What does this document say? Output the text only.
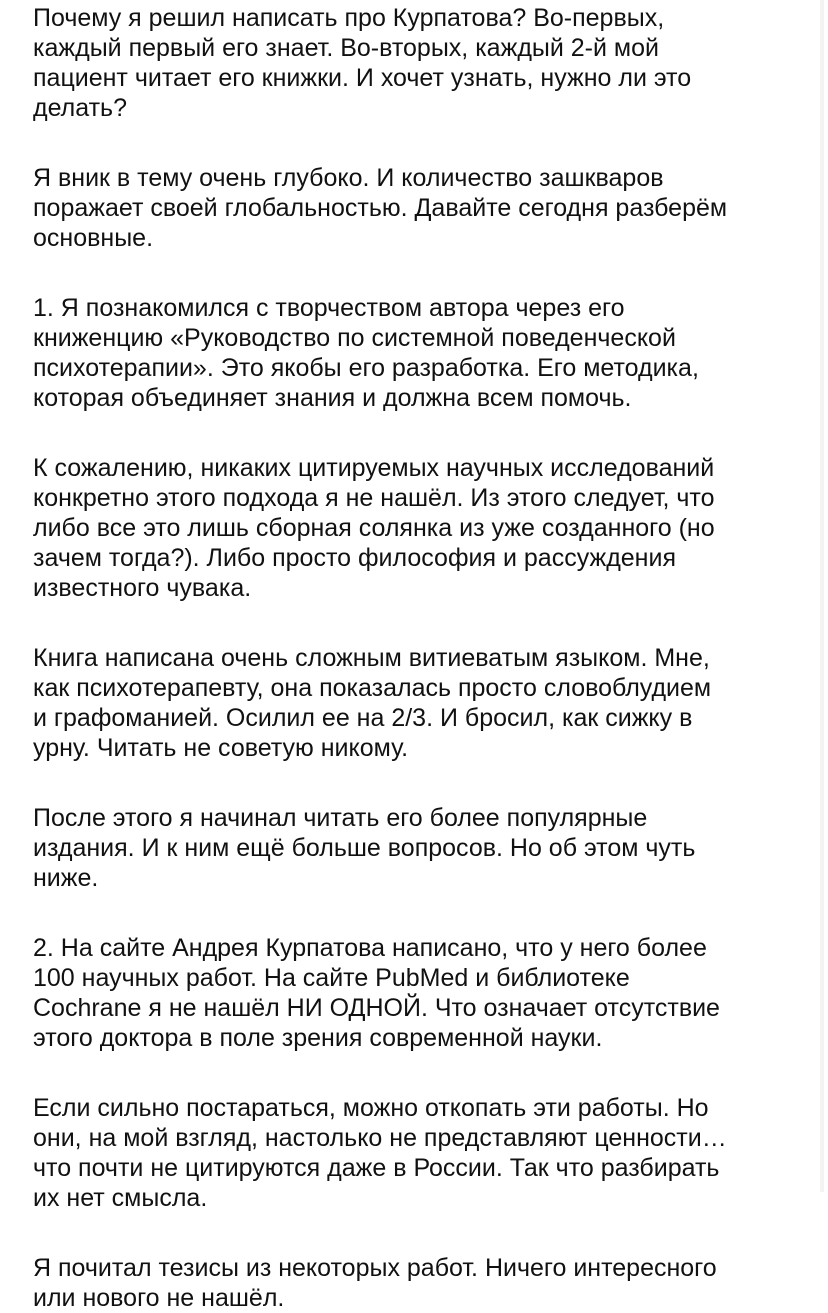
Почему я решил написать про Курпатова? Во-первых,
каждый первый его знает. Во-вторых, каждый 2-й мой
пациент читает его книжки. И хочет узнать, нужно ли это
делать?

Я вник в тему очень глубоко. И количество зашкваров
поражает своей глобальностью. Давайте сегодня разберём
основные.

1. Я познакомился с творчеством автора через его
книженцию «Руководство по системной поведенческой
психотерапии». Это якобы его разработка. Его методика,
которая объединяет знания и должна всем помочь.

К сожалению, никаких цитируемых научных исследований
конкретно этого подхода я не нашёл. Из этого следует, что
либо все это лишь сборная солянка из уже созданного (но
зачем тогда?). Либо просто философия и рассуждения
известного чувака.

Книга написана очень сложным витиеватым языком. Мне,
как психотерапевту, она показалась просто словоблудием
и графоманией. Осилил ее на 2/3. И бросил, как сижку в
урну. Читать не советую никому.

После этого я начинал читать его более популярные
издания. И к ним ещё больше вопросов. Но об этом чуть
ниже.

2. На сайте Андрея Курпатова написано, что у него более
100 научных работ. На сайте PubMed и библиотеке
Cochrane я не нашёл НИ ОДНОЙ. Что означает отсутствие
этого доктора в поле зрения современной науки.

Если сильно постараться, можно откопать эти работы. Но
они, на мой взгляд, настолько не представляют ценности…
что почти не цитируются даже в России. Так что разбирать
их нет смысла.

Я почитал тезисы из некоторых работ. Ничего интересного
или нового не нашёл.
